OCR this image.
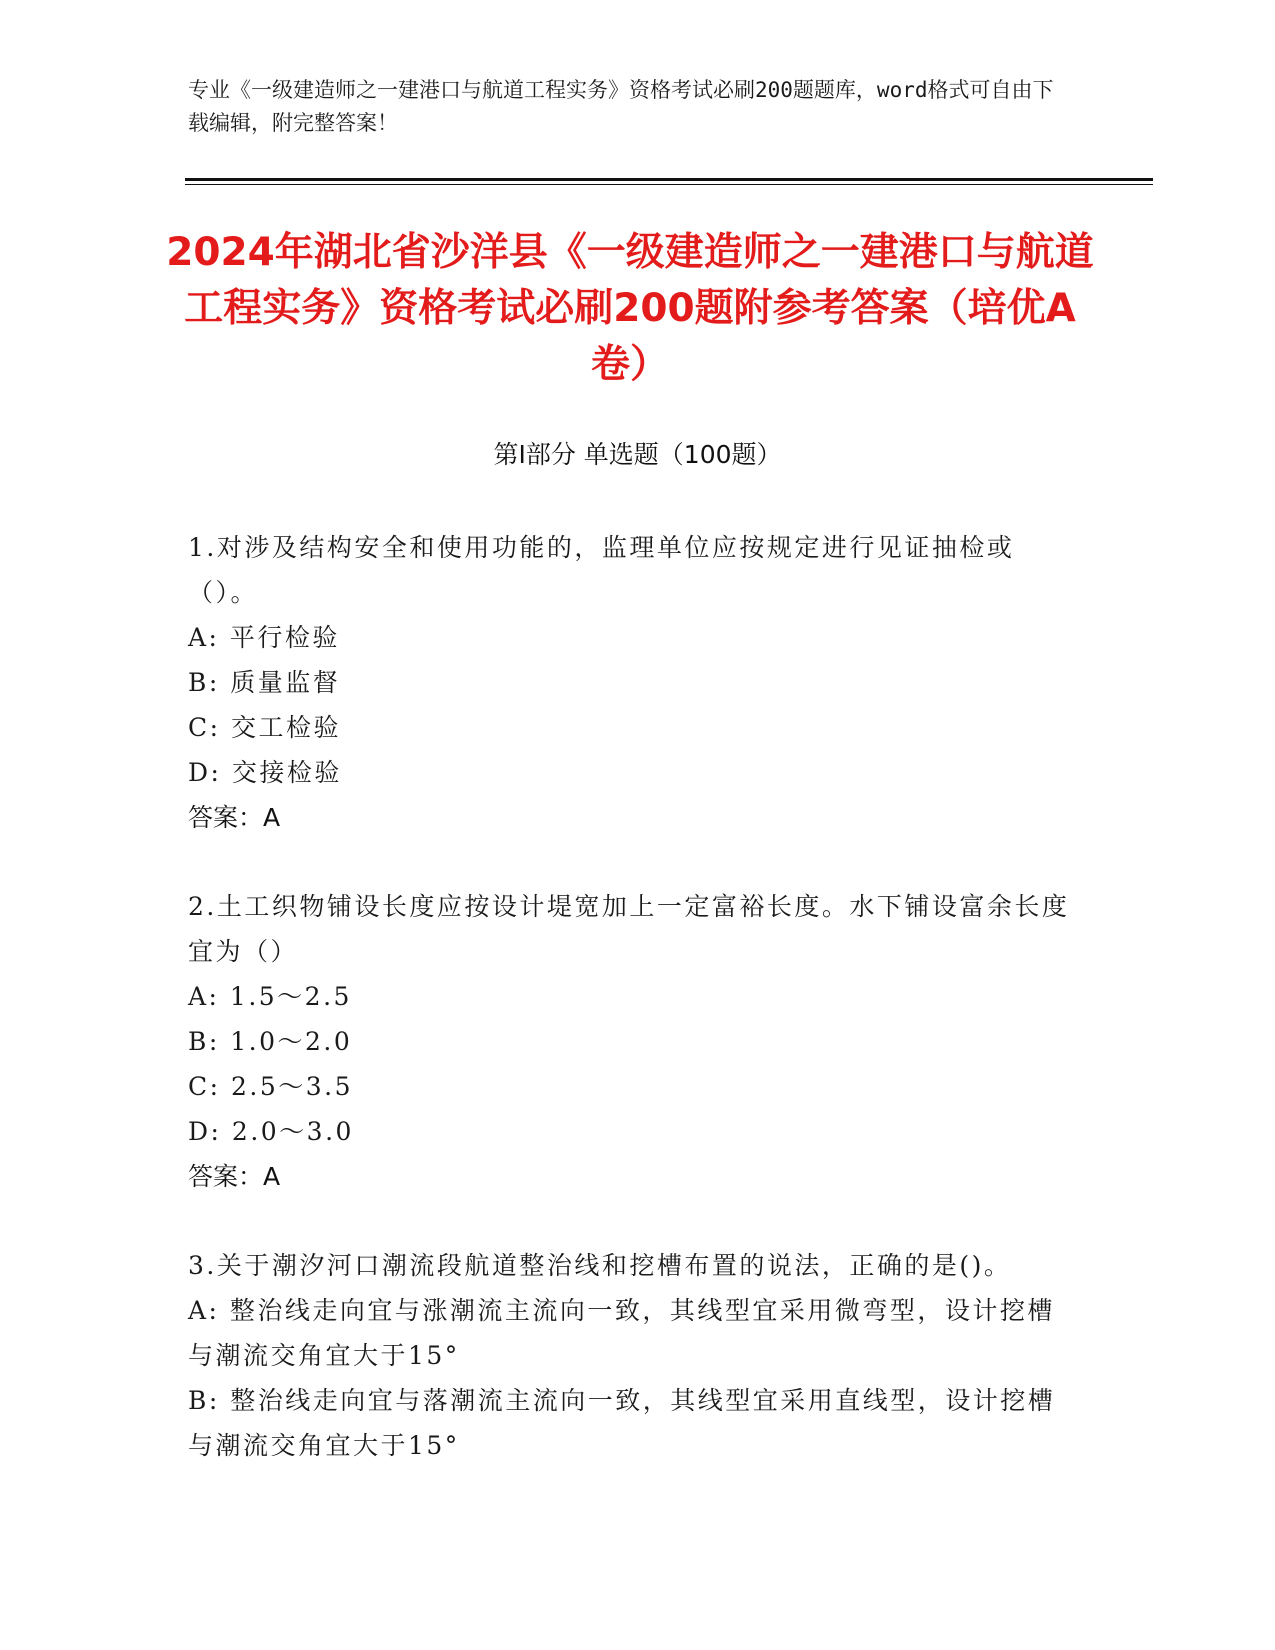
专业《一级建造师之一建港口与航道工程实务》资格考试必刷200题题库，word格式可自由下载编辑，附完整答案！
2024年湖北省沙洋县《一级建造师之一建港口与航道工程实务》资格考试必刷200题附参考答案（培优A卷）
第I部分 单选题（100题）
1.对涉及结构安全和使用功能的，监理单位应按规定进行见证抽检或（）。
A: 平行检验
B: 质量监督
C: 交工检验
D: 交接检验
答案：A
2.土工织物铺设长度应按设计堤宽加上一定富裕长度。水下铺设富余长度宜为（）
A: 1.5～2.5
B: 1.0～2.0
C: 2.5～3.5
D: 2.0～3.0
答案：A
3.关于潮汐河口潮流段航道整治线和挖槽布置的说法，正确的是()。
A: 整治线走向宜与涨潮流主流向一致，其线型宜采用微弯型，设计挖槽与潮流交角宜大于15°
B: 整治线走向宜与落潮流主流向一致，其线型宜采用直线型，设计挖槽与潮流交角宜大于15°
